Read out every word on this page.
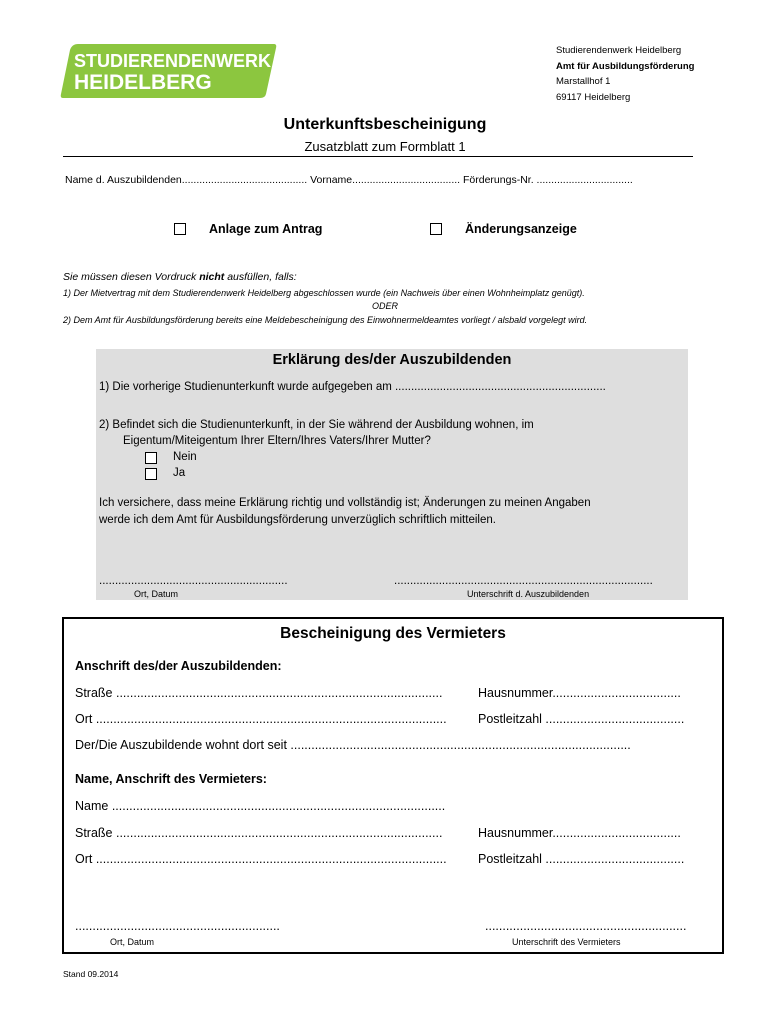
STUDIERENDENWERK
HEIDELBERG
Studierendenwerk Heidelberg
Amt für Ausbildungsförderung
Marstallhof 1
69117 Heidelberg
Unterkunftsbescheinigung
Zusatzblatt zum Formblatt 1
Name d. Auszubildenden........................................... Vorname..................................... Förderungs-Nr. .................................
Anlage zum Antrag	Änderungsanzeige
Sie müssen diesen Vordruck nicht ausfüllen, falls:
1) Der Mietvertrag mit dem Studierendenwerk Heidelberg abgeschlossen wurde (ein Nachweis über einen Wohnheimplatz genügt).
ODER
2) Dem Amt für Ausbildungsförderung bereits eine Meldebescheinigung des Einwohnermeldeamtes vorliegt / alsbald vorgelegt wird.
Erklärung des/der Auszubildenden
1) Die vorherige Studienunterkunft wurde aufgegeben am ..................................................................
2) Befindet sich die Studienunterkunft, in der Sie während der Ausbildung wohnen, im
Eigentum/Miteigentum Ihrer Eltern/Ihres Vaters/Ihrer Mutter?
Nein
Ja
Ich versichere, dass meine Erklärung richtig und vollständig ist; Änderungen zu meinen Angaben
werde ich dem Amt für Ausbildungsförderung unverzüglich schriftlich mitteilen.
...........................................................	.................................................................................
Ort, Datum	Unterschrift d. Auszubildenden
Bescheinigung des Vermieters
Anschrift des/der Auszubildenden:
Straße ..............................................................................................	Hausnummer.....................................
Ort .....................................................................................................	Postleitzahl ........................................
Der/Die Auszubildende wohnt dort seit ..................................................................................................
Name, Anschrift des Vermieters:
Name ................................................................................................
Straße ..............................................................................................	Hausnummer.....................................
Ort .....................................................................................................	Postleitzahl ........................................
...........................................................	..........................................................
Ort, Datum	Unterschrift des Vermieters
Stand 09.2014
